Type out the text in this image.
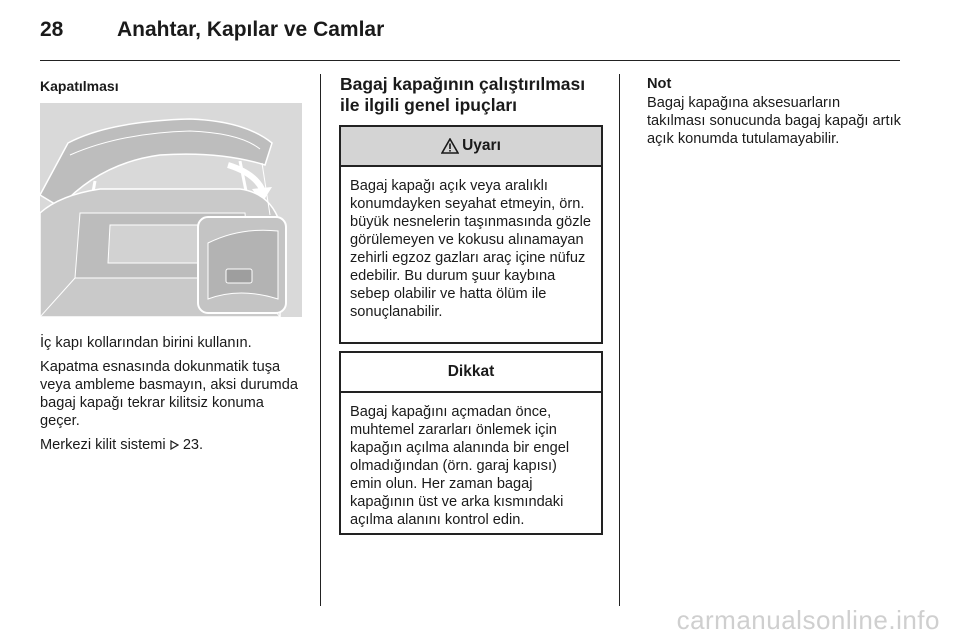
28	Anahtar, Kapılar ve Camlar
Kapatılması

İç kapı kollarından birini kullanın.

Kapatma esnasında dokunmatik tuşa veya ambleme basmayın, aksi durumda bagaj kapağı tekrar kilitsiz konuma geçer.

Merkezi kilit sistemi 23.

Bagaj kapağının çalıştırılması ile ilgili genel ipuçları
Uyarı
Bagaj kapağı açık veya aralıklı konumdayken seyahat etmeyin, örn. büyük nesnelerin taşınmasında gözle görülemeyen ve kokusu alınamayan zehirli egzoz gazları araç içine nüfuz edebilir. Bu durum şuur kaybına sebep olabilir ve hatta ölüm ile sonuçlanabilir.
Dikkat
Bagaj kapağını açmadan önce, muhtemel zararları önlemek için kapağın açılma alanında bir engel olmadığından (örn. garaj kapısı) emin olun. Her zaman bagaj kapağının üst ve arka kısmındaki açılma alanını kontrol edin.
Not
Bagaj kapağına aksesuarların takılması sonucunda bagaj kapağı artık açık konumda tutulamayabilir.
carmanualsonline.info
